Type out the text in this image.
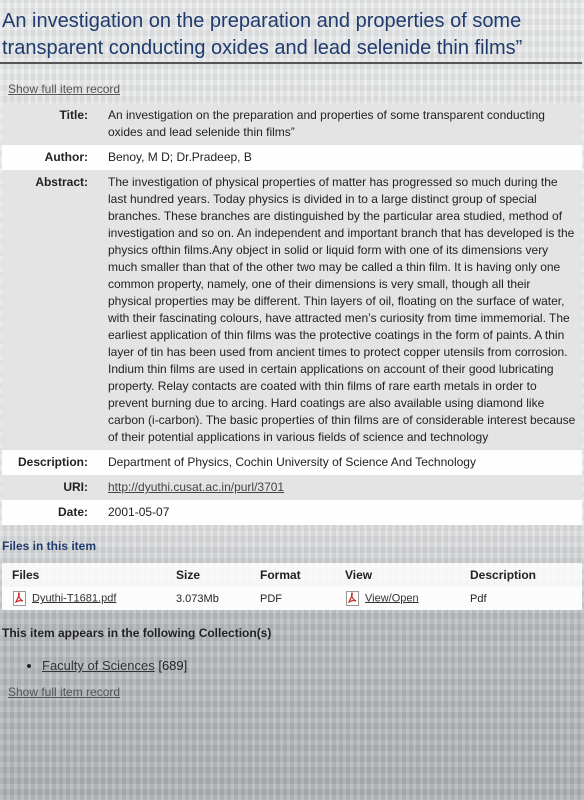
An investigation on the preparation and properties of some transparent conducting oxides and lead selenide thin films”
Show full item record
Title:	An investigation on the preparation and properties of some transparent conducting oxides and lead selenide thin films”
Author:	Benoy, M D; Dr.Pradeep, B
Abstract:	The investigation of physical properties of matter has progressed so much during the last hundred years. Today physics is divided in to a large distinct group of special branches. These branches are distinguished by the particular area studied, method of investigation and so on. An independent and important branch that has developed is the physics ofthin films.Any object in solid or liquid form with one of its dimensions very much smaller than that of the other two may be called a thin film. It is having only one common property, namely, one of their dimensions is very small, though all their physical properties may be different. Thin layers of oil, floating on the surface of water, with their fascinating colours, have attracted men’s curiosity from time immemorial. The earliest application of thin films was the protective coatings in the form of paints. A thin layer of tin has been used from ancient times to protect copper utensils from corrosion. Indium thin films are used in certain applications on account of their good lubricating property. Relay contacts are coated with thin films of rare earth metals in order to prevent burning due to arcing. Hard coatings are also available using diamond like carbon (i-carbon). The basic properties of thin films are of considerable interest because of their potential applications in various fields of science and technology
Description:	Department of Physics, Cochin University of Science And Technology
URI:	http://dyuthi.cusat.ac.in/purl/3701
Date:	2001-05-07
Files in this item
Files	Size	Format	View	Description
Dyuthi-T1681.pdf	3.073Mb	PDF	View/Open	Pdf
This item appears in the following Collection(s)
• Faculty of Sciences [689]
Show full item record
